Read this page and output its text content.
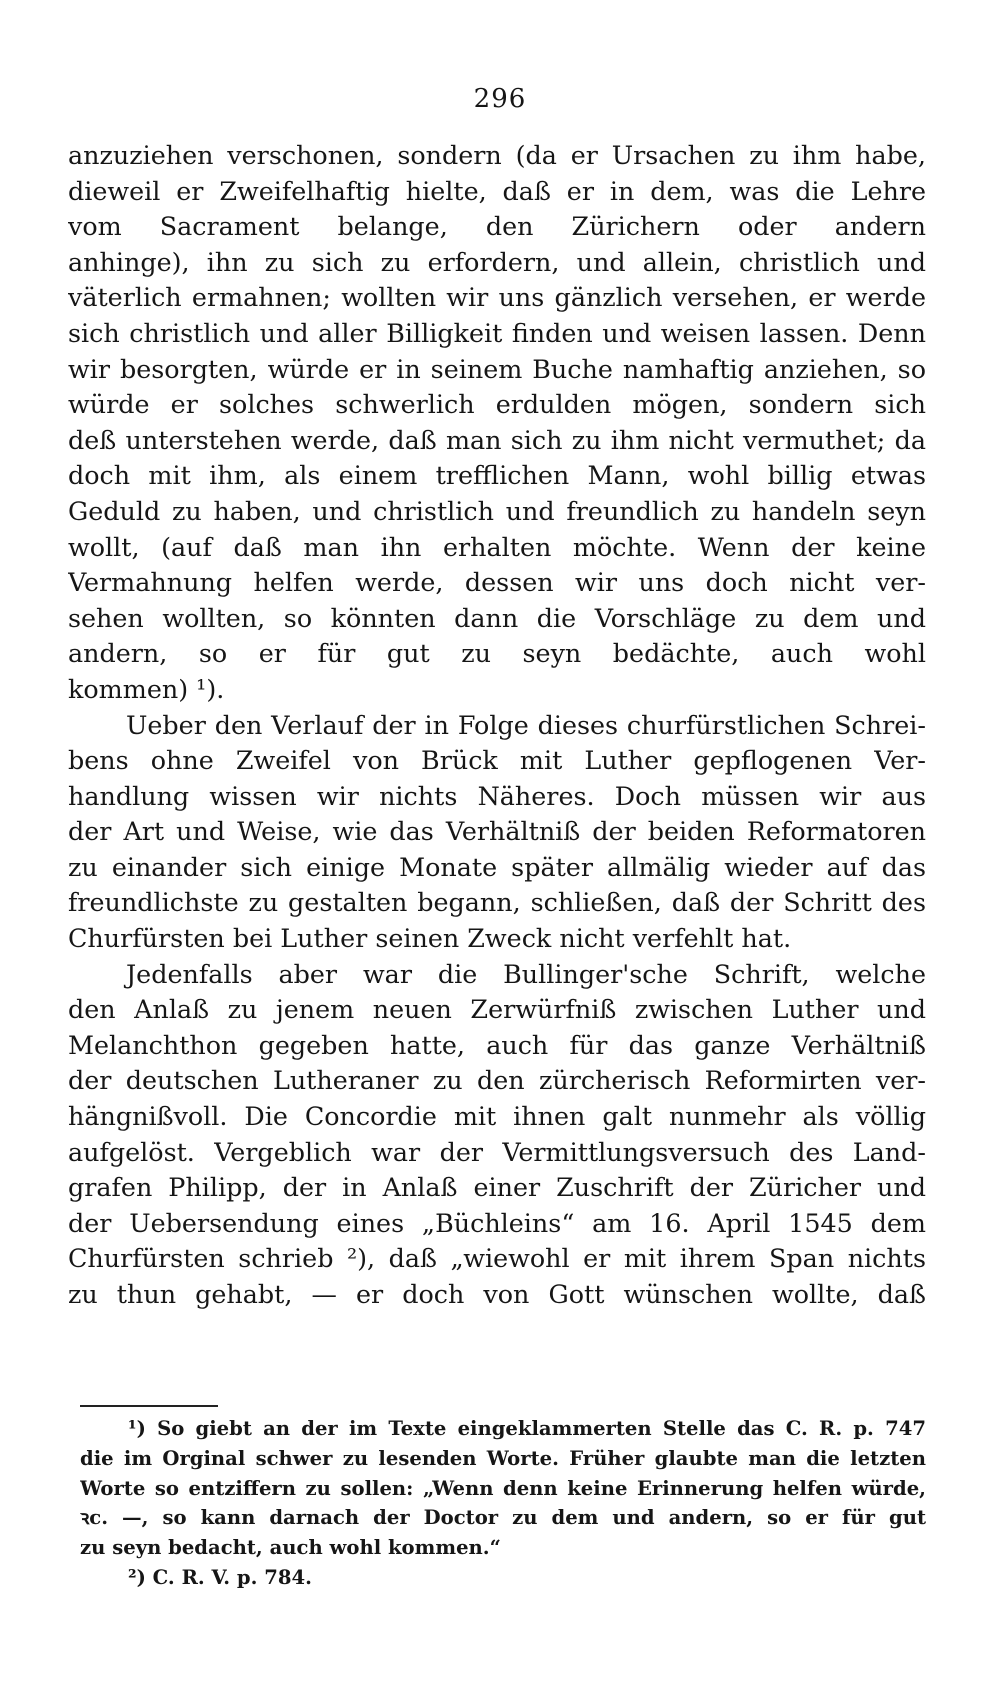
296
anzuziehen verschonen, sondern (da er Ursachen zu ihm habe,
dieweil er Zweifelhaftig hielte, daß er in dem, was die Lehre
vom Sacrament belange, den Zürichern oder andern
anhinge), ihn zu sich zu erfordern, und allein, christlich und
väterlich ermahnen; wollten wir uns gänzlich versehen, er werde
sich christlich und aller Billigkeit finden und weisen lassen. Denn
wir besorgten, würde er in seinem Buche namhaftig anziehen, so
würde er solches schwerlich erdulden mögen, sondern sich
deß unterstehen werde, daß man sich zu ihm nicht vermuthet; da
doch mit ihm, als einem trefflichen Mann, wohl billig etwas
Geduld zu haben, und christlich und freundlich zu handeln seyn
wollt, (auf daß man ihn erhalten möchte. Wenn der keine
Vermahnung helfen werde, dessen wir uns doch nicht ver-
sehen wollten, so könnten dann die Vorschläge zu dem und
andern, so er für gut zu seyn bedächte, auch wohl
kommen) ¹).
Ueber den Verlauf der in Folge dieses churfürstlichen Schrei-
bens ohne Zweifel von Brück mit Luther gepflogenen Ver-
handlung wissen wir nichts Näheres. Doch müssen wir aus
der Art und Weise, wie das Verhältniß der beiden Reformatoren
zu einander sich einige Monate später allmälig wieder auf das
freundlichste zu gestalten begann, schließen, daß der Schritt des
Churfürsten bei Luther seinen Zweck nicht verfehlt hat.
Jedenfalls aber war die Bullinger'sche Schrift, welche
den Anlaß zu jenem neuen Zerwürfniß zwischen Luther und
Melanchthon gegeben hatte, auch für das ganze Verhältniß
der deutschen Lutheraner zu den zürcherisch Reformirten ver-
hängnißvoll. Die Concordie mit ihnen galt nunmehr als völlig
aufgelöst. Vergeblich war der Vermittlungsversuch des Land-
grafen Philipp, der in Anlaß einer Zuschrift der Züricher und
der Uebersendung eines „Büchleins“ am 16. April 1545 dem
Churfürsten schrieb ²), daß „wiewohl er mit ihrem Span nichts
zu thun gehabt, — er doch von Gott wünschen wollte, daß
¹) So giebt an der im Texte eingeklammerten Stelle das C. R. p. 747
die im Orginal schwer zu lesenden Worte. Früher glaubte man die letzten
Worte so entziffern zu sollen: „Wenn denn keine Erinnerung helfen würde,
ꝛc. —, so kann darnach der Doctor zu dem und andern, so er für gut
zu seyn bedacht, auch wohl kommen.“
²) C. R. V. p. 784.
